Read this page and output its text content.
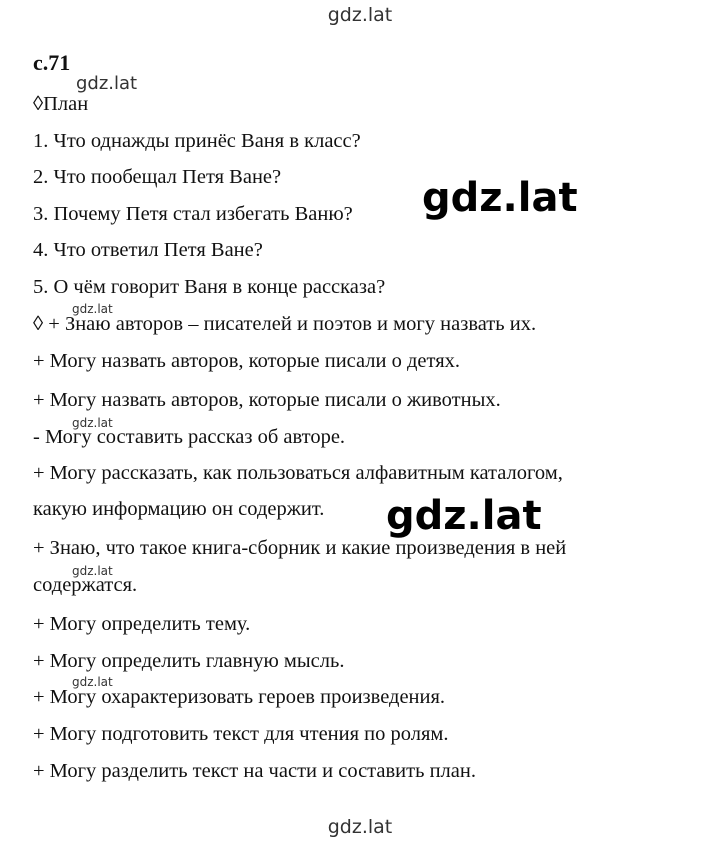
gdz.lat
с.71
◊План
1. Что однажды принёс Ваня в класс?
2. Что пообещал Петя Ване?
3. Почему Петя стал избегать Ваню?
4. Что ответил Петя Ване?
5. О чём говорит Ваня в конце рассказа?
◊ + Знаю авторов – писателей и поэтов и могу назвать их.
+ Могу назвать авторов, которые писали о детях.
+ Могу назвать авторов, которые писали о животных.
- Могу составить рассказ об авторе.
+ Могу рассказать, как пользоваться алфавитным каталогом,
какую информацию он содержит.
+ Знаю, что такое книга-сборник и какие произведения в ней
содержатся.
+ Могу определить тему.
+ Могу определить главную мысль.
+ Могу охарактеризовать героев произведения.
+ Могу подготовить текст для чтения по ролям.
+ Могу разделить текст на части и составить план.
gdz.lat
gdz.lat
gdz.lat
gdz.lat
gdz.lat
gdz.lat
gdz.lat
gdz.lat
